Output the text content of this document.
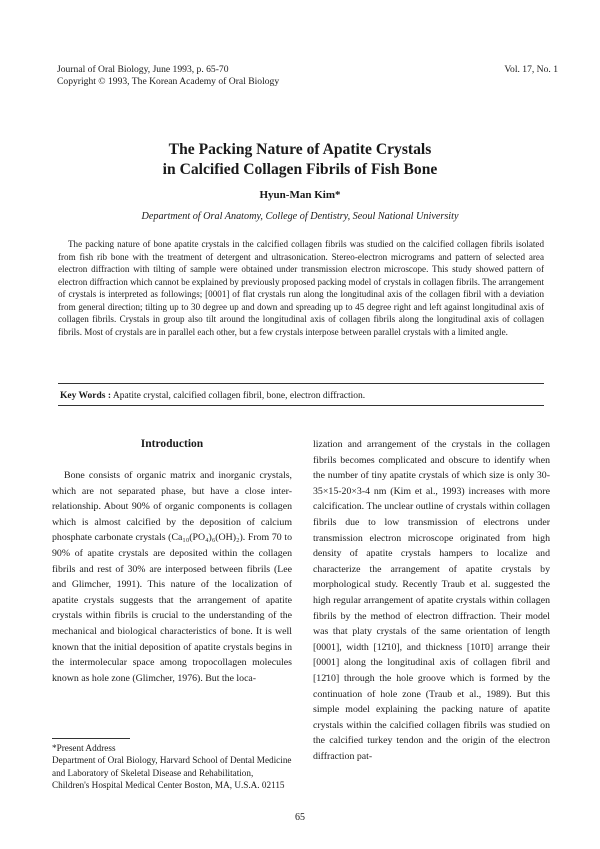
Journal of Oral Biology, June 1993, p. 65-70
Copyright © 1993, The Korean Academy of Oral Biology
Vol. 17, No. 1
The Packing Nature of Apatite Crystals
in Calcified Collagen Fibrils of Fish Bone
Hyun-Man Kim*
Department of Oral Anatomy, College of Dentistry, Seoul National University

The packing nature of bone apatite crystals in the calcified collagen fibrils was studied on the calcified collagen fibrils isolated from fish rib bone with the treatment of detergent and ultrasonication. Stereo-electron micrograms and pattern of selected area electron diffraction with tilting of sample were obtained under transmission electron microscope. This study showed pattern of electron diffraction which cannot be explained by previously proposed packing model of crystals in collagen fibrils. The arrangement of crystals is interpreted as followings; [0001] of flat crystals run along the longitudinal axis of the collagen fibril with a deviation from general direction; tilting up to 30 degree up and down and spreading up to 45 degree right and left against longitudinal axis of collagen fibrils. Crystals in group also tilt around the longitudinal axis of collagen fibrils along the longitudinal axis of collagen fibrils. Most of crystals are in parallel each other, but a few crystals interpose between parallel crystals with a limited angle.

Key Words : Apatite crystal, calcified collagen fibril, bone, electron diffraction.
Introduction

Bone consists of organic matrix and inorganic crystals, which are not separated phase, but have a close inter-relationship. About 90% of organic components is collagen which is almost calcified by the deposition of calcium phosphate carbonate crystals (Ca₁₀(PO₄)₆(OH)₂). From 70 to 90% of apatite crystals are deposited within the collagen fibrils and rest of 30% are interposed between fibrils (Lee and Glimcher, 1991). This nature of the localization of apatite crystals suggests that the arrangement of apatite crystals within fibrils is crucial to the understanding of the mechanical and biological characteristics of bone. It is well known that the initial deposition of apatite crystals begins in the intermolecular space among tropocollagen molecules known as hole zone (Glimcher, 1976). But the loca-

lization and arrangement of the crystals in the collagen fibrils becomes complicated and obscure to identify when the number of tiny apatite crystals of which size is only 30-35×15-20×3-4 nm (Kim et al., 1993) increases with more calcification. The unclear outline of crystals within collagen fibrils due to low transmission of electrons under transmission electron microscope originated from high density of apatite crystals hampers to localize and characterize the arrangement of apatite crystals by morphological study. Recently Traub et al. suggested the high regular arrangement of apatite crystals within collagen fibrils by the method of electron diffraction. Their model was that platy crystals of the same orientation of length [0001], width [12̄10], and thickness [101̄0] arrange their [0001] along the longitudinal axis of collagen fibril and [12̄10] through the hole groove which is formed by the continuation of hole zone (Traub et al., 1989). But this simple model explaining the packing nature of apatite crystals within the calcified collagen fibrils was studied on the calcified turkey tendon and the origin of the electron diffraction pat-

*Present Address
Department of Oral Biology, Harvard School of Dental Medicine and Laboratory of Skeletal Disease and Rehabilitation, Children's Hospital Medical Center Boston, MA, U.S.A. 02115

65
